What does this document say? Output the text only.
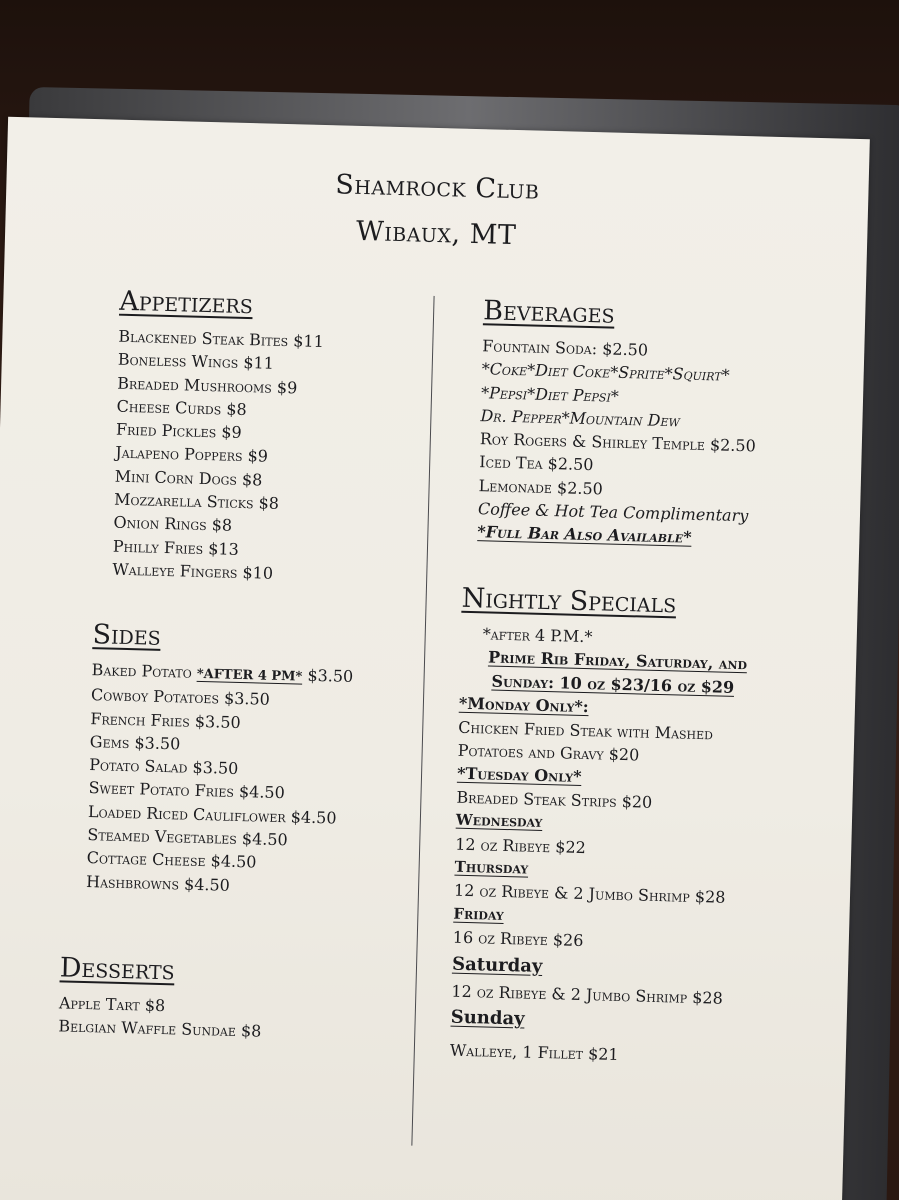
Shamrock Club
Wibaux, MT
Appetizers
Blackened Steak Bites $11
Boneless Wings $11
Breaded Mushrooms $9
Cheese Curds $8
Fried Pickles $9
Jalapeno Poppers $9
Mini Corn Dogs $8
Mozzarella Sticks $8
Onion Rings $8
Philly Fries $13
Walleye Fingers $10
Sides
Baked Potato *AFTER 4 PM* $3.50
Cowboy Potatoes $3.50
French Fries $3.50
Gems $3.50
Potato Salad $3.50
Sweet Potato Fries $4.50
Loaded Riced Cauliflower $4.50
Steamed Vegetables $4.50
Cottage Cheese $4.50
Hashbrowns $4.50
Desserts
Apple Tart $8
Belgian Waffle Sundae $8
Beverages
Fountain Soda: $2.50
*Coke*Diet Coke*Sprite*Squirt*
*Pepsi*Diet Pepsi*
Dr. Pepper*Mountain Dew
Roy Rogers & Shirley Temple $2.50
Iced Tea $2.50
Lemonade $2.50
Coffee & Hot Tea Complimentary
*Full Bar Also Available*
Nightly Specials
*after 4 P.M.*
Prime Rib Friday, Saturday, and
Sunday: 10 oz $23/16 oz $29
*Monday Only*:
Chicken Fried Steak with Mashed
Potatoes and Gravy $20
*Tuesday Only*
Breaded Steak Strips $20
Wednesday
12 oz Ribeye $22
Thursday
12 oz Ribeye & 2 Jumbo Shrimp $28
Friday
16 oz Ribeye $26
Saturday
12 oz Ribeye & 2 Jumbo Shrimp $28
Sunday
Walleye, 1 Fillet $21
